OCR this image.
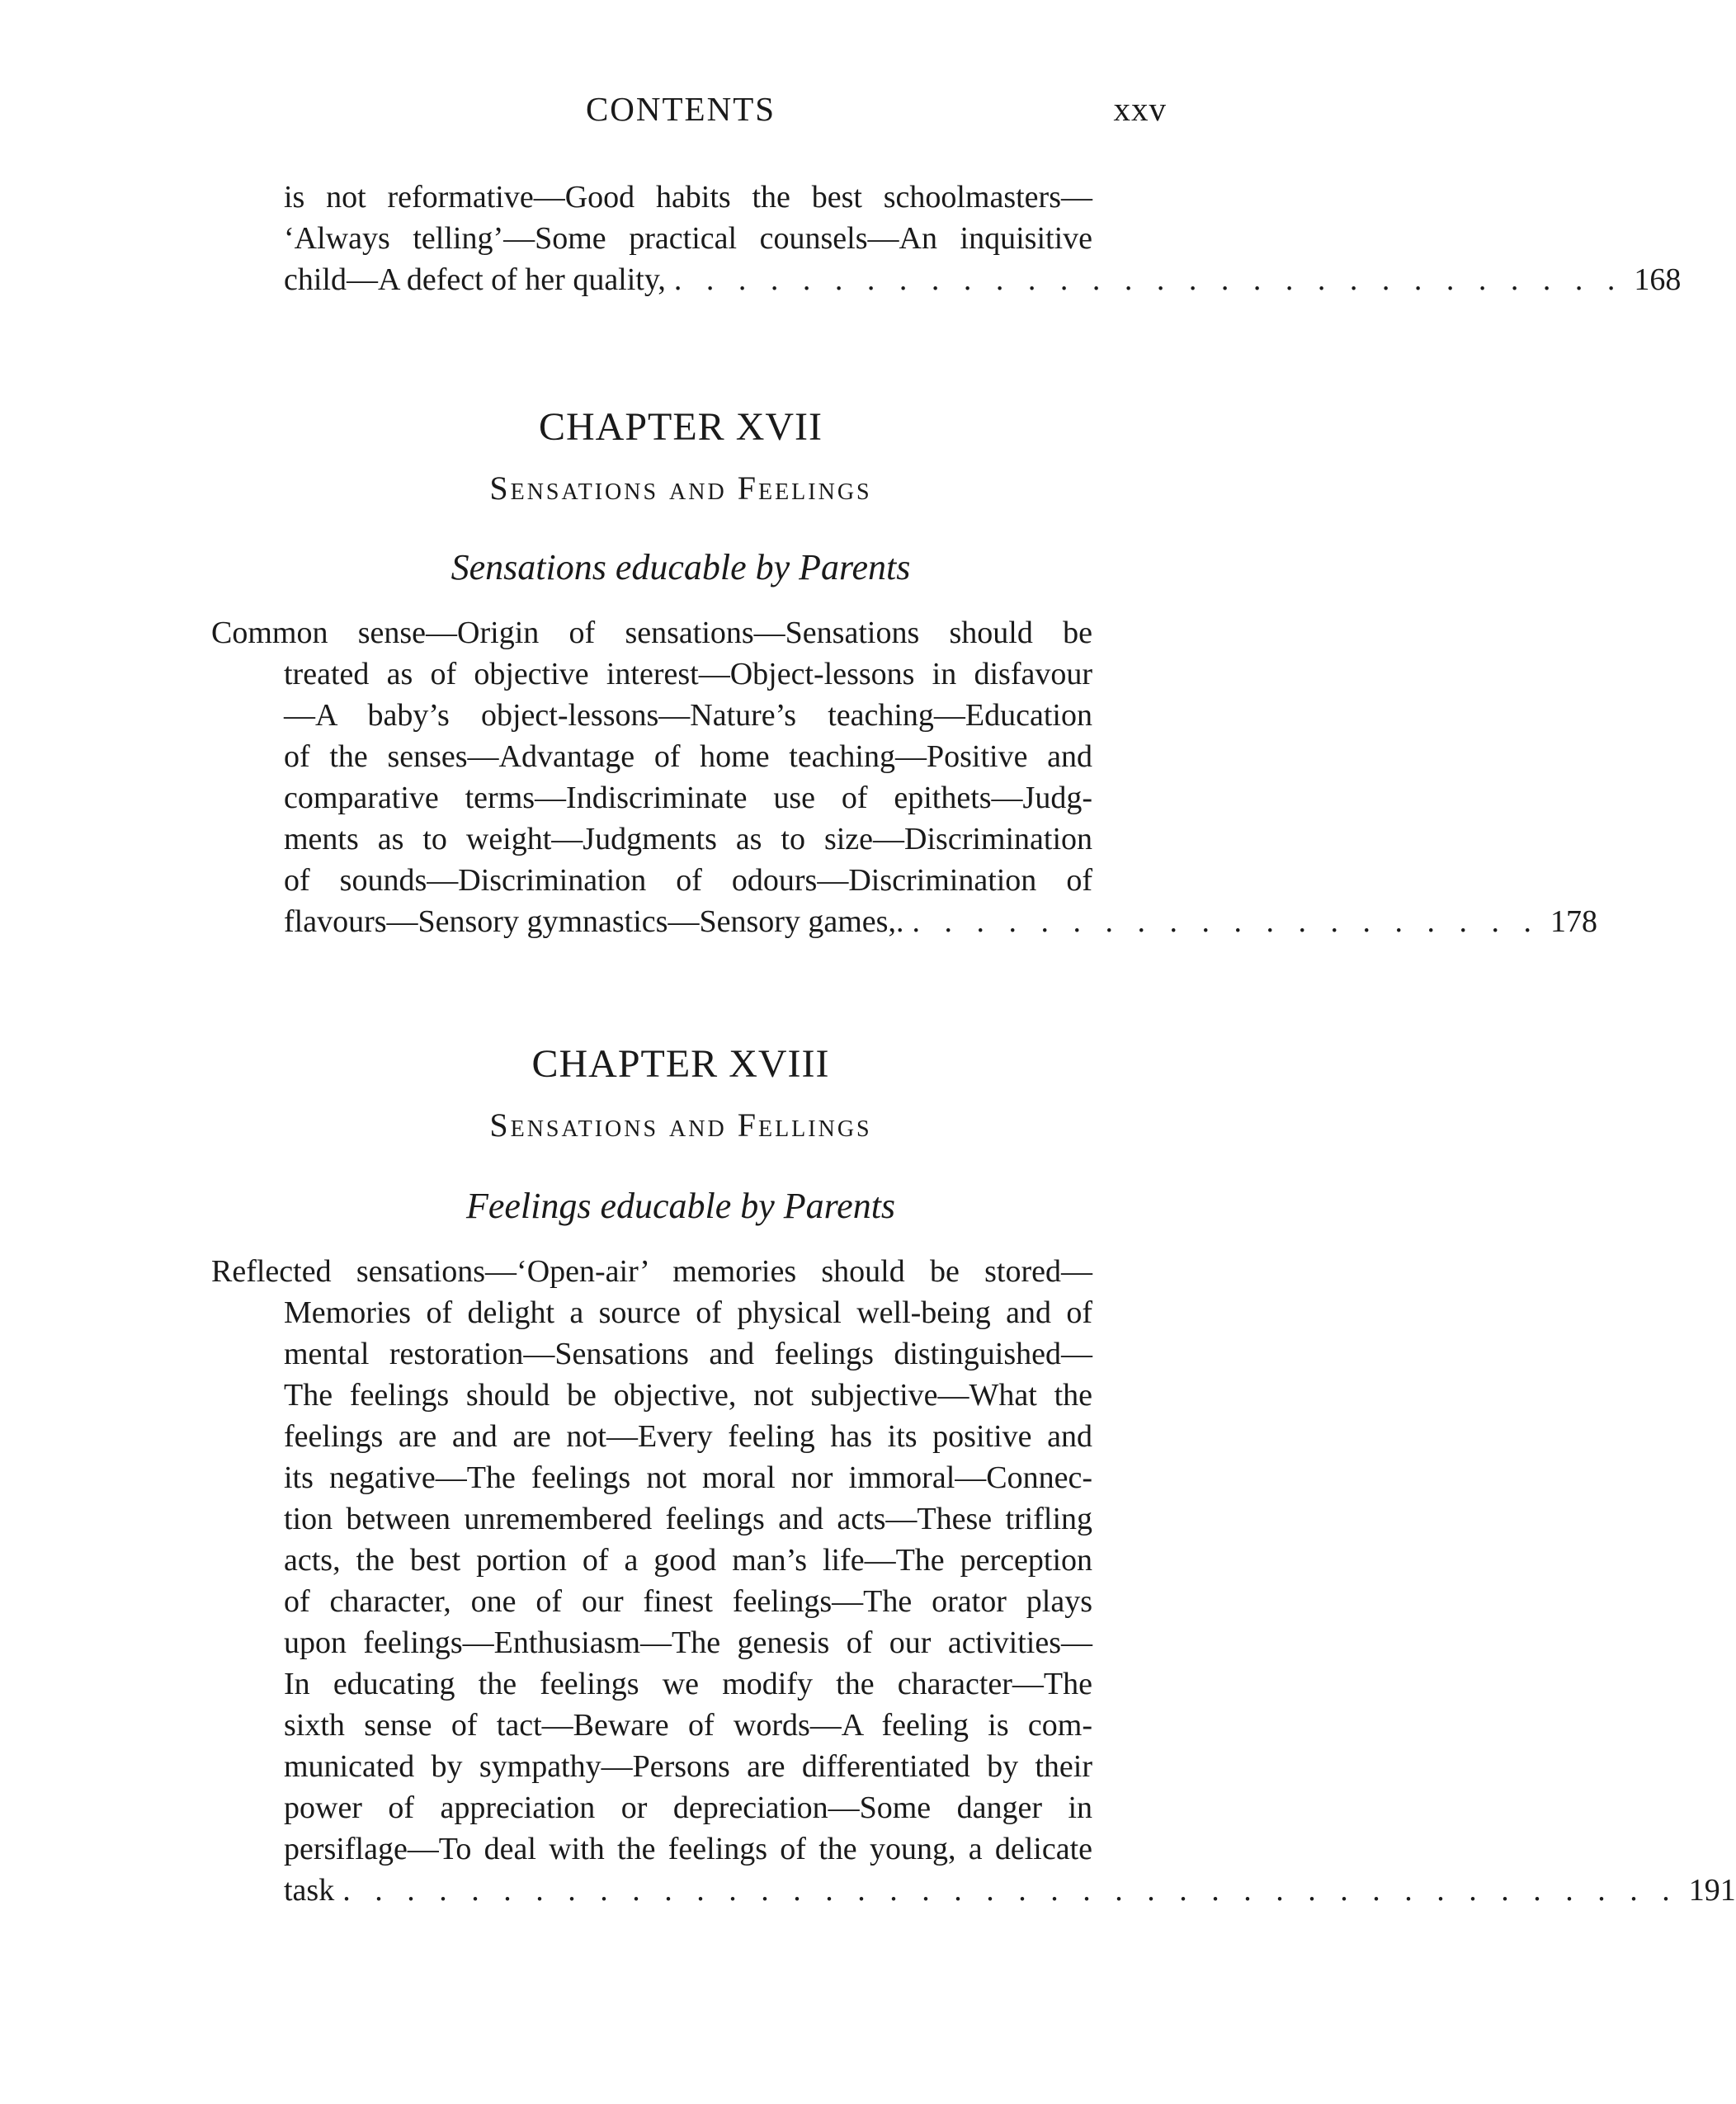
CONTENTS	xxv
is not reformative—Good habits the best schoolmasters—
‘Always telling’—Some practical counsels—An inquisitive
child—A defect of her quality, . . . . . . . . . . . . . . . . . . . . . . . . . . . . . . 168
CHAPTER XVII
Sensations and Feelings
Sensations educable by Parents
Common sense—Origin of sensations—Sensations should be
treated as of objective interest—Object-lessons in disfavour
—A baby’s object-lessons—Nature’s teaching—Education
of the senses—Advantage of home teaching—Positive and
comparative terms—Indiscriminate use of epithets—Judg-
ments as to weight—Judgments as to size—Discrimination
of sounds—Discrimination of odours—Discrimination of
flavours—Sensory gymnastics—Sensory games,. . . . . . . . . . . . . . . . . . . . . 178
CHAPTER XVIII
Sensations and Fellings
Feelings educable by Parents
Reflected sensations—‘Open-air’ memories should be stored—
Memories of delight a source of physical well-being and of
mental restoration—Sensations and feelings distinguished—
The feelings should be objective, not subjective—What the
feelings are and are not—Every feeling has its positive and
its negative—The feelings not moral nor immoral—Connec-
tion between unremembered feelings and acts—These trifling
acts, the best portion of a good man’s life—The perception
of character, one of our finest feelings—The orator plays
upon feelings—Enthusiasm—The genesis of our activities—
In educating the feelings we modify the character—The
sixth sense of tact—Beware of words—A feeling is com-
municated by sympathy—Persons are differentiated by their
power of appreciation or depreciation—Some danger in
persiflage—To deal with the feelings of the young, a delicate
task . . . . . . . . . . . . . . . . . . . . . . . . . . . . . . . . . . . . . . . . . . 191
